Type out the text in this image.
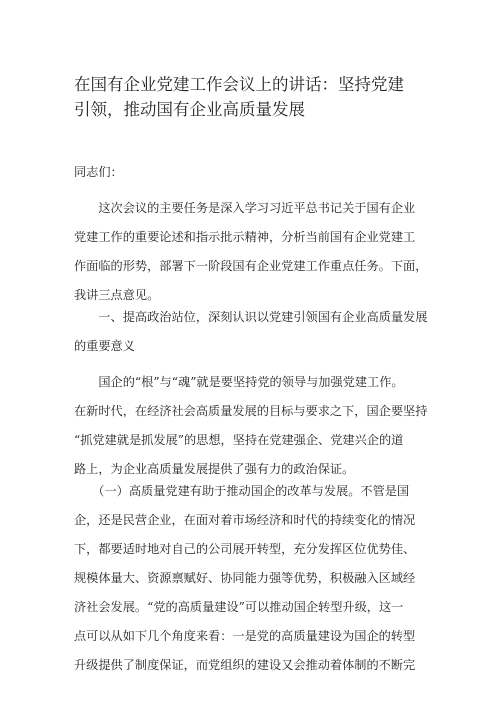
在国有企业党建工作会议上的讲话：坚持党建
引领，推动国有企业高质量发展
同志们：
　　这次会议的主要任务是深入学习习近平总书记关于国有企业
党建工作的重要论述和指示批示精神，分析当前国有企业党建工
作面临的形势，部署下一阶段国有企业党建工作重点任务。下面，
我讲三点意见。
　　一、提高政治站位，深刻认识以党建引领国有企业高质量发展
的重要意义
　　国企的“根”与“魂”就是要坚持党的领导与加强党建工作。
在新时代，在经济社会高质量发展的目标与要求之下，国企要坚持
“抓党建就是抓发展”的思想，坚持在党建强企、党建兴企的道
路上，为企业高质量发展提供了强有力的政治保证。
　　（一）高质量党建有助于推动国企的改革与发展。不管是国
企，还是民营企业，在面对着市场经济和时代的持续变化的情况
下，都要适时地对自己的公司展开转型，充分发挥区位优势佳、
规模体量大、资源禀赋好、协同能力强等优势，积极融入区域经
济社会发展。“党的高质量建设”可以推动国企转型升级，这一
点可以从如下几个角度来看：一是党的高质量建设为国企的转型
升级提供了制度保证，而党组织的建设又会推动着体制的不断完
